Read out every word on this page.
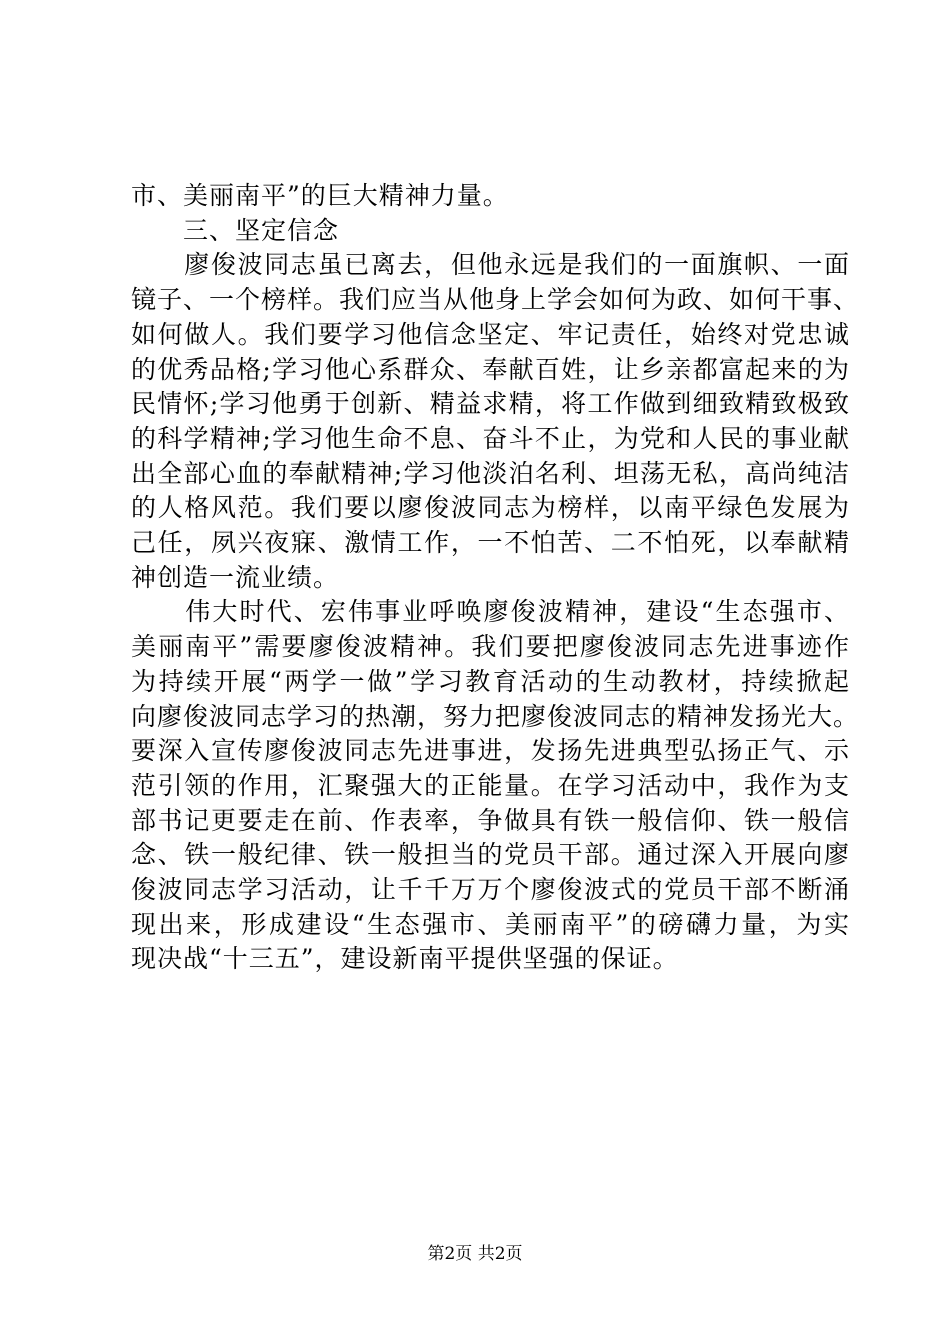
市、美丽南平”的巨大精神力量。
　　三、坚定信念
　　廖俊波同志虽已离去，但他永远是我们的一面旗帜、一面
镜子、一个榜样。我们应当从他身上学会如何为政、如何干事、
如何做人。我们要学习他信念坚定、牢记责任，始终对党忠诚
的优秀品格;学习他心系群众、奉献百姓，让乡亲都富起来的为
民情怀;学习他勇于创新、精益求精，将工作做到细致精致极致
的科学精神;学习他生命不息、奋斗不止，为党和人民的事业献
出全部心血的奉献精神;学习他淡泊名利、坦荡无私，高尚纯洁
的人格风范。我们要以廖俊波同志为榜样，以南平绿色发展为
己任，夙兴夜寐、激情工作，一不怕苦、二不怕死，以奉献精
神创造一流业绩。
　　伟大时代、宏伟事业呼唤廖俊波精神，建设“生态强市、
美丽南平”需要廖俊波精神。我们要把廖俊波同志先进事迹作
为持续开展“两学一做”学习教育活动的生动教材，持续掀起
向廖俊波同志学习的热潮，努力把廖俊波同志的精神发扬光大。
要深入宣传廖俊波同志先进事进，发扬先进典型弘扬正气、示
范引领的作用，汇聚强大的正能量。在学习活动中，我作为支
部书记更要走在前、作表率，争做具有铁一般信仰、铁一般信
念、铁一般纪律、铁一般担当的党员干部。通过深入开展向廖
俊波同志学习活动，让千千万万个廖俊波式的党员干部不断涌
现出来，形成建设“生态强市、美丽南平”的磅礴力量，为实
现决战“十三五”，建设新南平提供坚强的保证。
第2页 共2页
